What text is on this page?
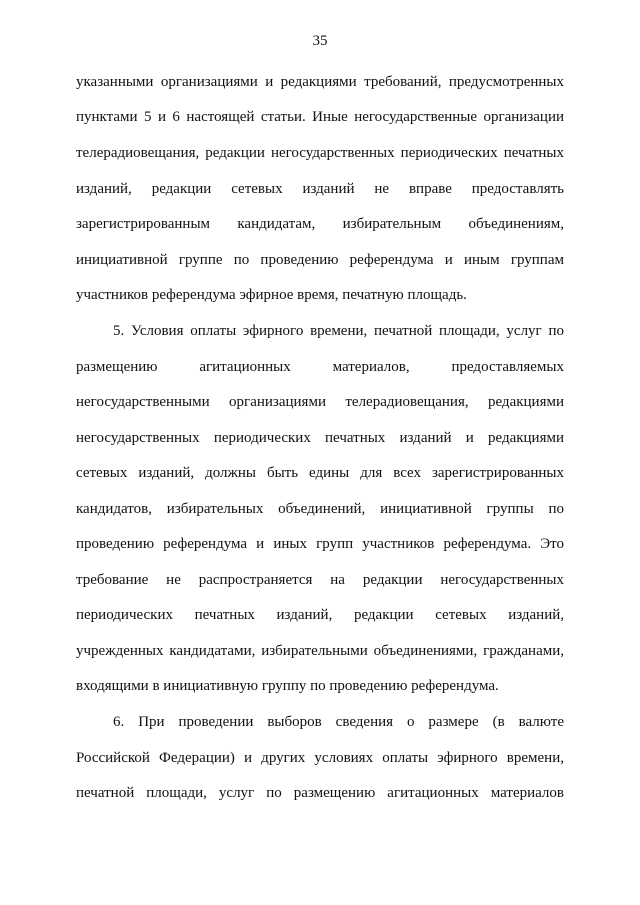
35
указанными организациями и редакциями требований, предусмотренных
пунктами 5 и 6 настоящей статьи. Иные негосударственные организации
телерадиовещания, редакции негосударственных периодических печатных
изданий, редакции сетевых изданий не вправе предоставлять
зарегистрированным кандидатам, избирательным объединениям,
инициативной группе по проведению референдума и иным группам
участников референдума эфирное время, печатную площадь.
5. Условия оплаты эфирного времени, печатной площади, услуг по
размещению агитационных материалов, предоставляемых
негосударственными организациями телерадиовещания, редакциями
негосударственных периодических печатных изданий и редакциями
сетевых изданий, должны быть едины для всех зарегистрированных
кандидатов, избирательных объединений, инициативной группы по
проведению референдума и иных групп участников референдума. Это
требование не распространяется на редакции негосударственных
периодических печатных изданий, редакции сетевых изданий,
учрежденных кандидатами, избирательными объединениями, гражданами,
входящими в инициативную группу по проведению референдума.
6. При проведении выборов сведения о размере (в валюте
Российской Федерации) и других условиях оплаты эфирного времени,
печатной площади, услуг по размещению агитационных материалов
